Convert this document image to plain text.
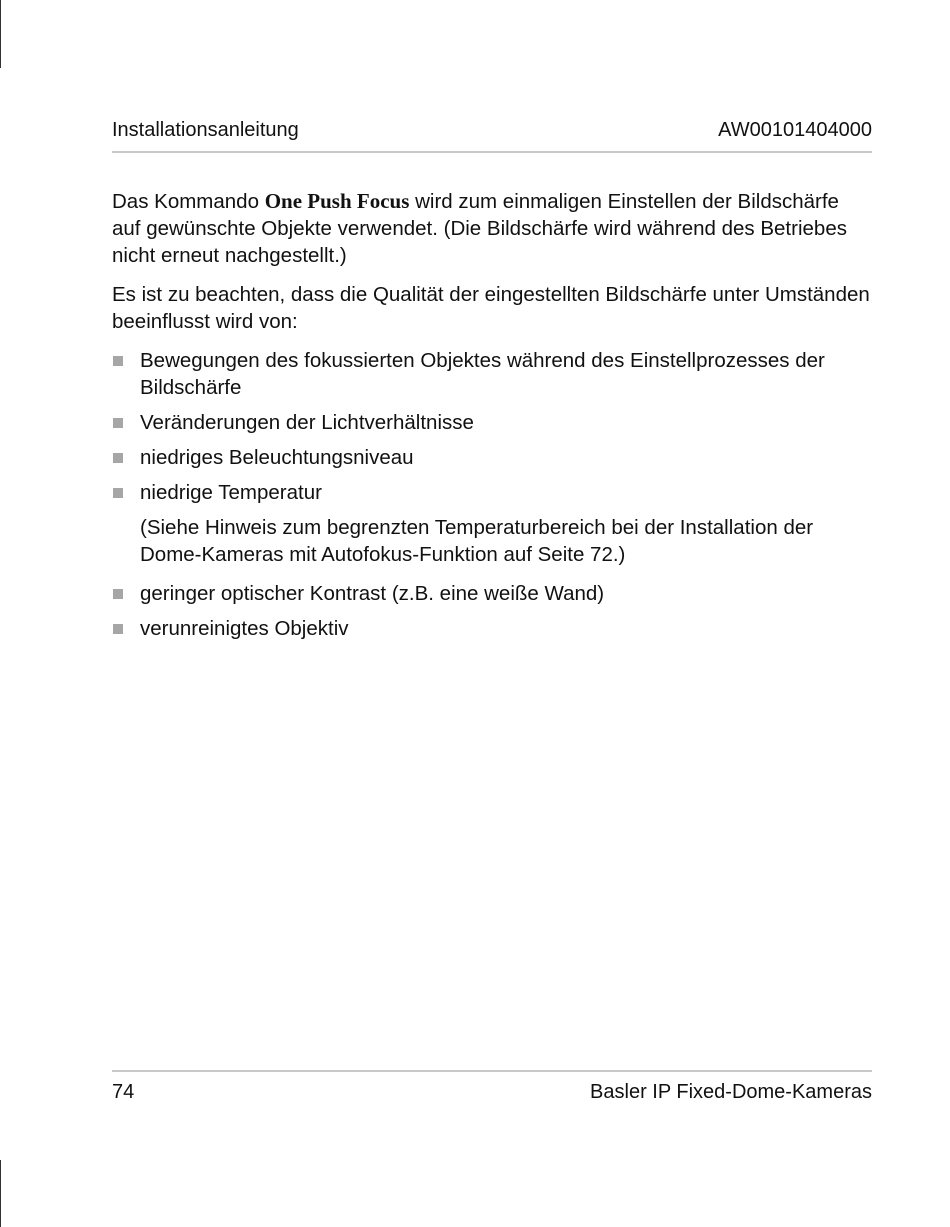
Installationsanleitung	AW00101404000

Das Kommando One Push Focus wird zum einmaligen Einstellen der Bildschärfe auf gewünschte Objekte verwendet. (Die Bildschärfe wird während des Betriebes nicht erneut nachgestellt.)

Es ist zu beachten, dass die Qualität der eingestellten Bildschärfe unter Umständen beeinflusst wird von:

Bewegungen des fokussierten Objektes während des Einstellprozesses der Bildschärfe
Veränderungen der Lichtverhältnisse
niedriges Beleuchtungsniveau
niedrige Temperatur

(Siehe Hinweis zum begrenzten Temperaturbereich bei der Installation der Dome-Kameras mit Autofokus-Funktion auf Seite 72.)

geringer optischer Kontrast (z.B. eine weiße Wand)
verunreinigtes Objektiv
74	Basler IP Fixed-Dome-Kameras
